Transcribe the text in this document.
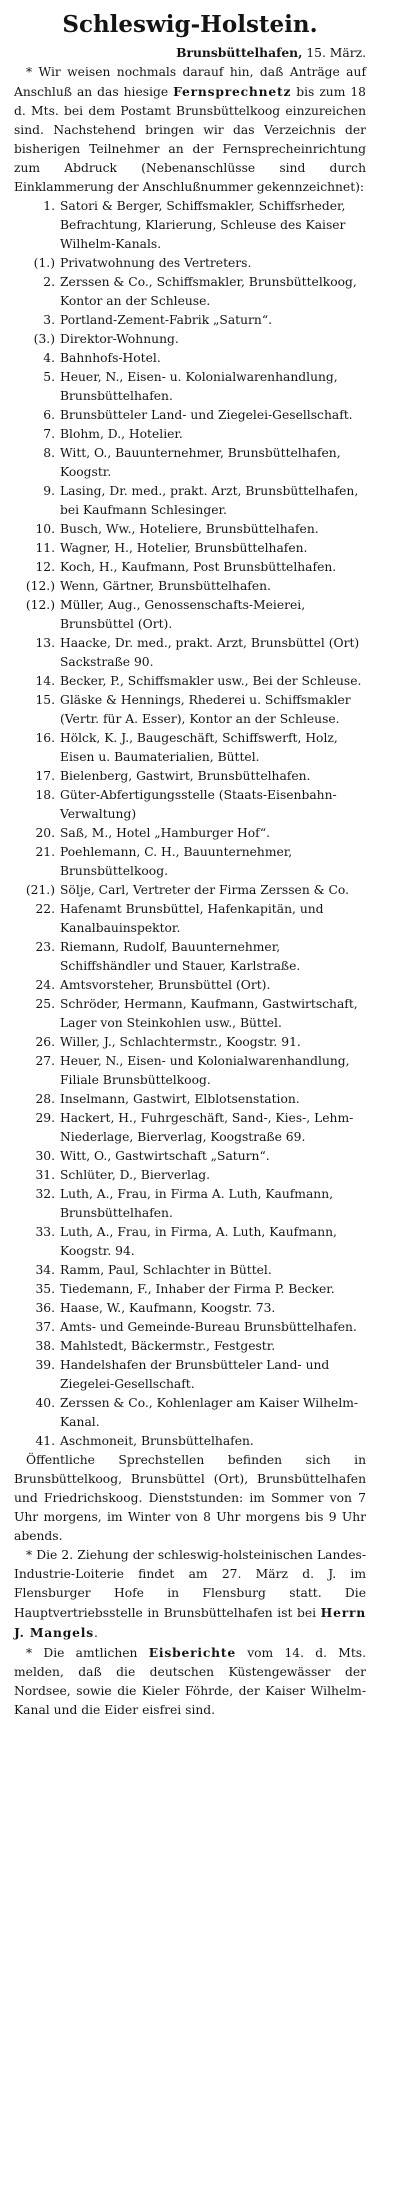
Schleswig-Holstein.

Brunsbüttelhafen, 15. März.

* Wir weisen nochmals darauf hin, daß Anträge auf Anschluß an das hiesige Fernsprechnetz bis zum 18 d. Mts. bei dem Postamt Brunsbüttelkoog einzureichen sind. Nachstehend bringen wir das Verzeichnis der bisherigen Teilnehmer an der Fernsprecheinrichtung zum Abdruck (Nebenanschlüsse sind durch Einklammerung der Anschlußnummer gekennzeichnet):

1. Satori & Berger, Schiffsmakler, Schiffsrheder, Befrachtung, Klarierung, Schleuse des Kaiser Wilhelm-Kanals.
(1.) Privatwohnung des Vertreters.
2. Zerssen & Co., Schiffsmakler, Brunsbüttelkoog, Kontor an der Schleuse.
3. Portland-Zement-Fabrik „Saturn“.
(3.) Direktor-Wohnung.
4. Bahnhofs-Hotel.
5. Heuer, N., Eisen- u. Kolonialwarenhandlung, Brunsbüttelhafen.
6. Brunsbütteler Land- und Ziegelei-Gesellschaft.
7. Blohm, D., Hotelier.
8. Witt, O., Bauunternehmer, Brunsbüttelhafen, Koogstr.
9. Lasing, Dr. med., prakt. Arzt, Brunsbüttelhafen, bei Kaufmann Schlesinger.
10. Busch, Ww., Hoteliere, Brunsbüttelhafen.
11. Wagner, H., Hotelier, Brunsbüttelhafen.
12. Koch, H., Kaufmann, Post Brunsbüttelhafen.
(12.) Wenn, Gärtner, Brunsbüttelhafen.
(12.) Müller, Aug., Genossenschafts-Meierei, Brunsbüttel (Ort).
13. Haacke, Dr. med., prakt. Arzt, Brunsbüttel (Ort) Sackstraße 90.
14. Becker, P., Schiffsmakler usw., Bei der Schleuse.
15. Gläske & Hennings, Rhederei u. Schiffsmakler (Vertr. für A. Esser), Kontor an der Schleuse.
16. Hölck, K. J., Baugeschäft, Schiffswerft, Holz, Eisen u. Baumaterialien, Büttel.
17. Bielenberg, Gastwirt, Brunsbüttelhafen.
18. Güter-Abfertigungsstelle (Staats-Eisenbahn-Verwaltung)
20. Saß, M., Hotel „Hamburger Hof“.
21. Poehlemann, C. H., Bauunternehmer, Brunsbüttelkoog.
(21.) Sölje, Carl, Vertreter der Firma Zerssen & Co.
22. Hafenamt Brunsbüttel, Hafenkapitän, und Kanalbauinspektor.
23. Riemann, Rudolf, Bauunternehmer, Schiffshändler und Stauer, Karlstraße.
24. Amtsvorsteher, Brunsbüttel (Ort).
25. Schröder, Hermann, Kaufmann, Gastwirtschaft, Lager von Steinkohlen usw., Büttel.
26. Willer, J., Schlachtermstr., Koogstr. 91.
27. Heuer, N., Eisen- und Kolonialwarenhandlung, Filiale Brunsbüttelkoog.
28. Inselmann, Gastwirt, Elblotsenstation.
29. Hackert, H., Fuhrgeschäft, Sand-, Kies-, Lehm-Niederlage, Bierverlag, Koogstraße 69.
30. Witt, O., Gastwirtschaft „Saturn“.
31. Schlüter, D., Bierverlag.
32. Luth, A., Frau, in Firma A. Luth, Kaufmann, Brunsbüttelhafen.
33. Luth, A., Frau, in Firma, A. Luth, Kaufmann, Koogstr. 94.
34. Ramm, Paul, Schlachter in Büttel.
35. Tiedemann, F., Inhaber der Firma P. Becker.
36. Haase, W., Kaufmann, Koogstr. 73.
37. Amts- und Gemeinde-Bureau Brunsbüttelhafen.
38. Mahlstedt, Bäckermstr., Festgestr.
39. Handelshafen der Brunsbütteler Land- und Ziegelei-Gesellschaft.
40. Zerssen & Co., Kohlenlager am Kaiser Wilhelm-Kanal.
41. Aschmoneit, Brunsbüttelhafen.

Öffentliche Sprechstellen befinden sich in Brunsbüttelkoog, Brunsbüttel (Ort), Brunsbüttelhafen und Friedrichskoog. Dienststunden: im Sommer von 7 Uhr morgens, im Winter von 8 Uhr morgens bis 9 Uhr abends.

* Die 2. Ziehung der schleswig-holsteinischen Landes-Industrie-Loiterie findet am 27. März d. J. im Flensburger Hofe in Flensburg statt. Die Hauptvertriebsstelle in Brunsbüttelhafen ist bei Herrn J. Mangels.

* Die amtlichen Eisberichte vom 14. d. Mts. melden, daß die deutschen Küstengewässer der Nordsee, sowie die Kieler Föhrde, der Kaiser Wilhelm-Kanal und die Eider eisfrei sind.
